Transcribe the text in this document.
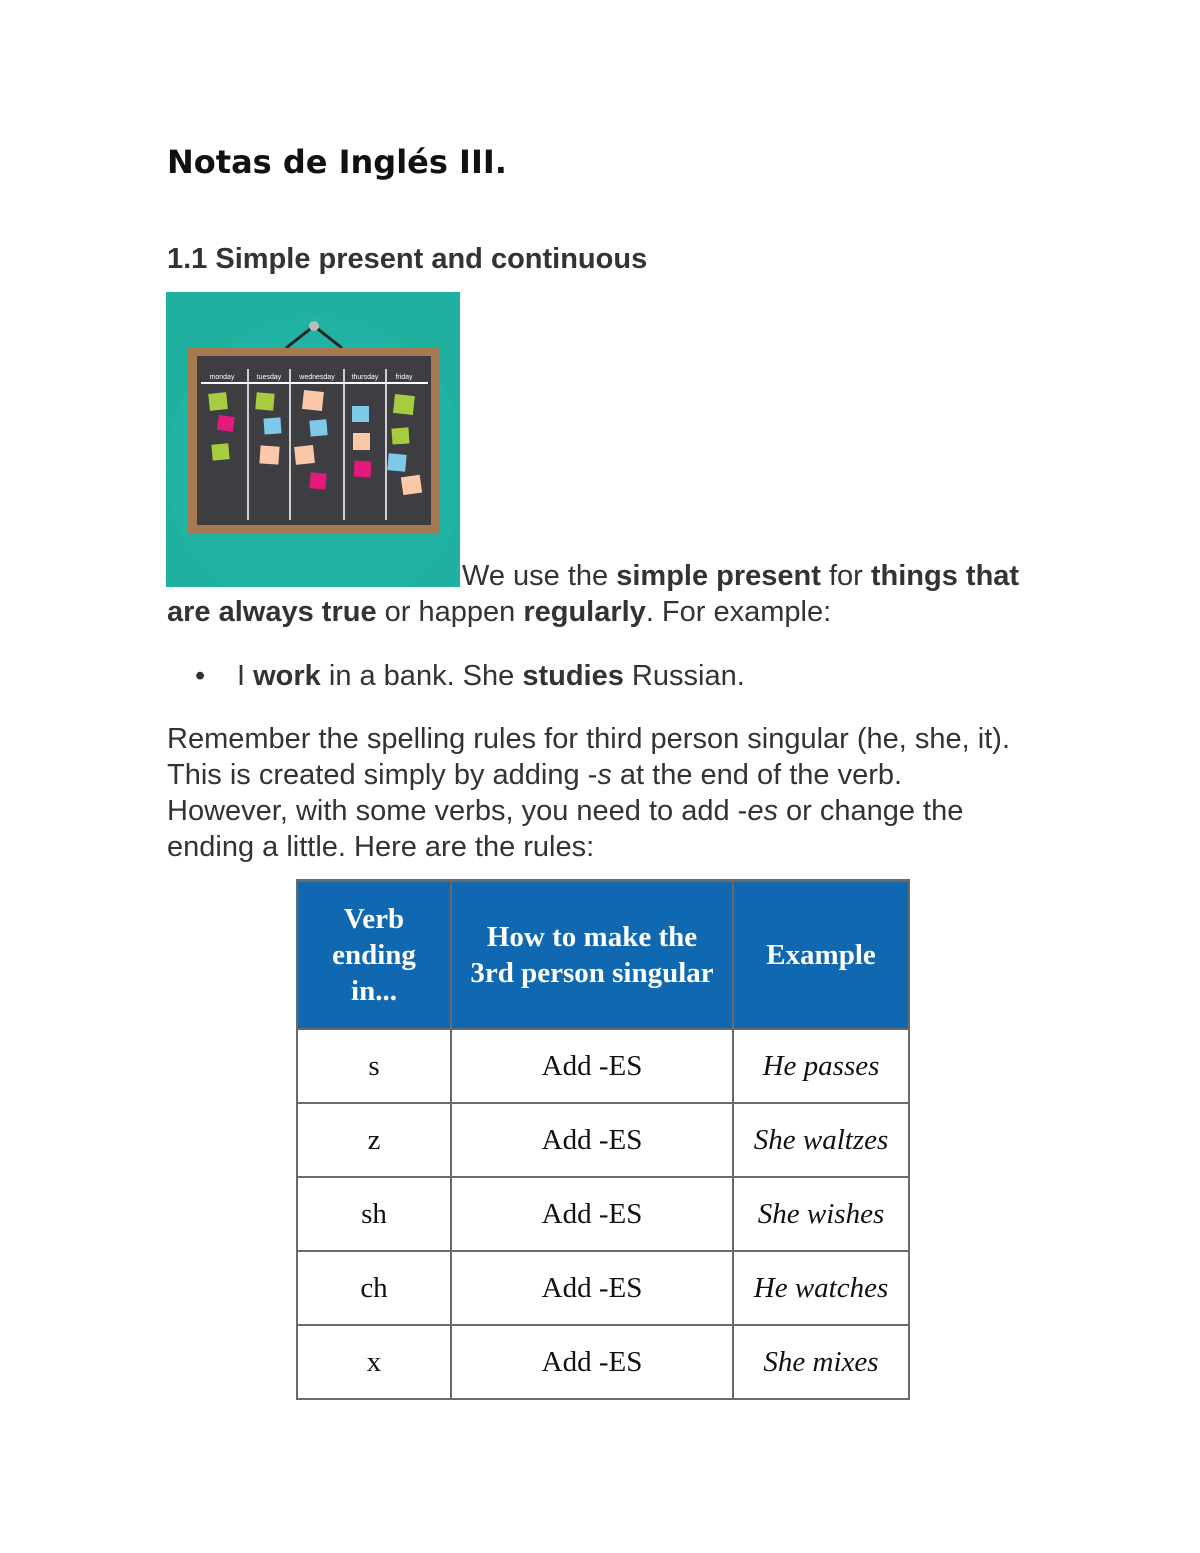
Notas de Inglés III.
1.1 Simple present and continuous
monday	tuesday	wednesday thursday friday

We use the simple present for things that are always true or happen regularly. For example:

• I work in a bank. She studies Russian.

Remember the spelling rules for third person singular (he, she, it). This is created simply by adding -s at the end of the verb. However, with some verbs, you need to add -es or change the ending a little. Here are the rules:

Verb ending in...	How to make the 3rd person singular	Example
s	Add -ES	He passes
z	Add -ES	She waltzes
sh	Add -ES	She wishes
ch	Add -ES	He watches
x	Add -ES	She mixes
